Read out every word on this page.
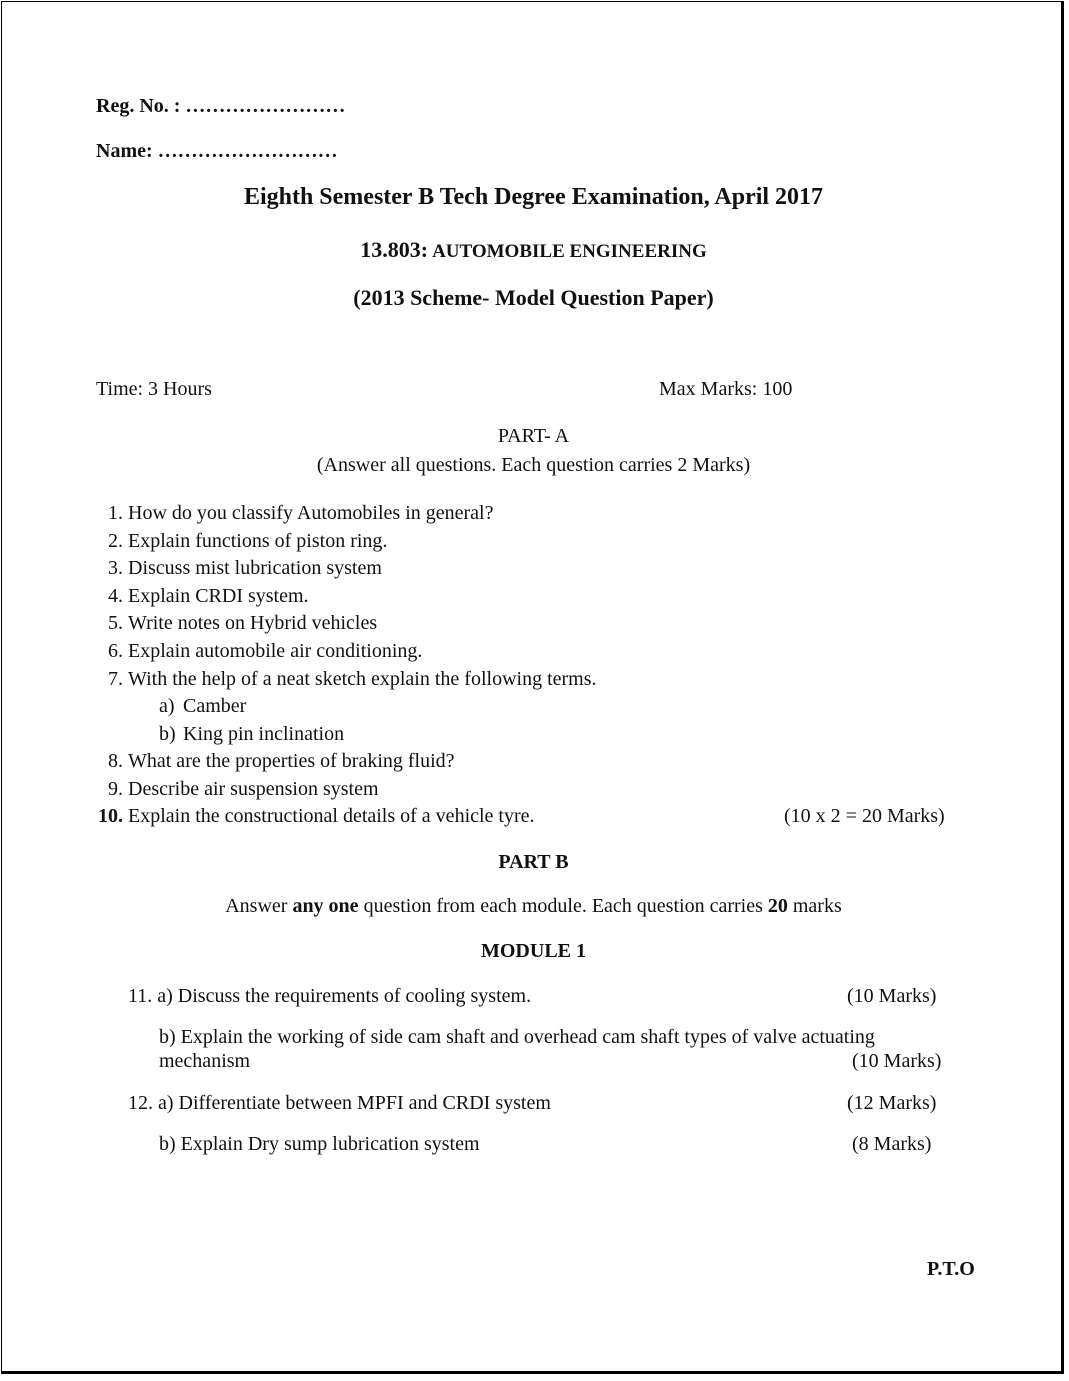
Reg. No. : ……………………
Name: ………………………
Eighth Semester B Tech Degree Examination, April 2017
13.803: AUTOMOBILE ENGINEERING
(2013 Scheme- Model Question Paper)
Time: 3 Hours	Max Marks: 100
PART- A
(Answer all questions. Each question carries 2 Marks)
1. How do you classify Automobiles in general?
2. Explain functions of piston ring.
3. Discuss mist lubrication system
4. Explain CRDI system.
5. Write notes on Hybrid vehicles
6. Explain automobile air conditioning.
7. With the help of a neat sketch explain the following terms.
a) Camber
b) King pin inclination
8. What are the properties of braking fluid?
9. Describe air suspension system
10. Explain the constructional details of a vehicle tyre.	(10 x 2 = 20 Marks)
PART B
Answer any one question from each module. Each question carries 20 marks
MODULE 1
11. a) Discuss the requirements of cooling system.	(10 Marks)
b) Explain the working of side cam shaft and overhead cam shaft types of valve actuating
mechanism	(10 Marks)
12. a) Differentiate between MPFI and CRDI system	(12 Marks)
b) Explain Dry sump lubrication system	(8 Marks)
P.T.O
